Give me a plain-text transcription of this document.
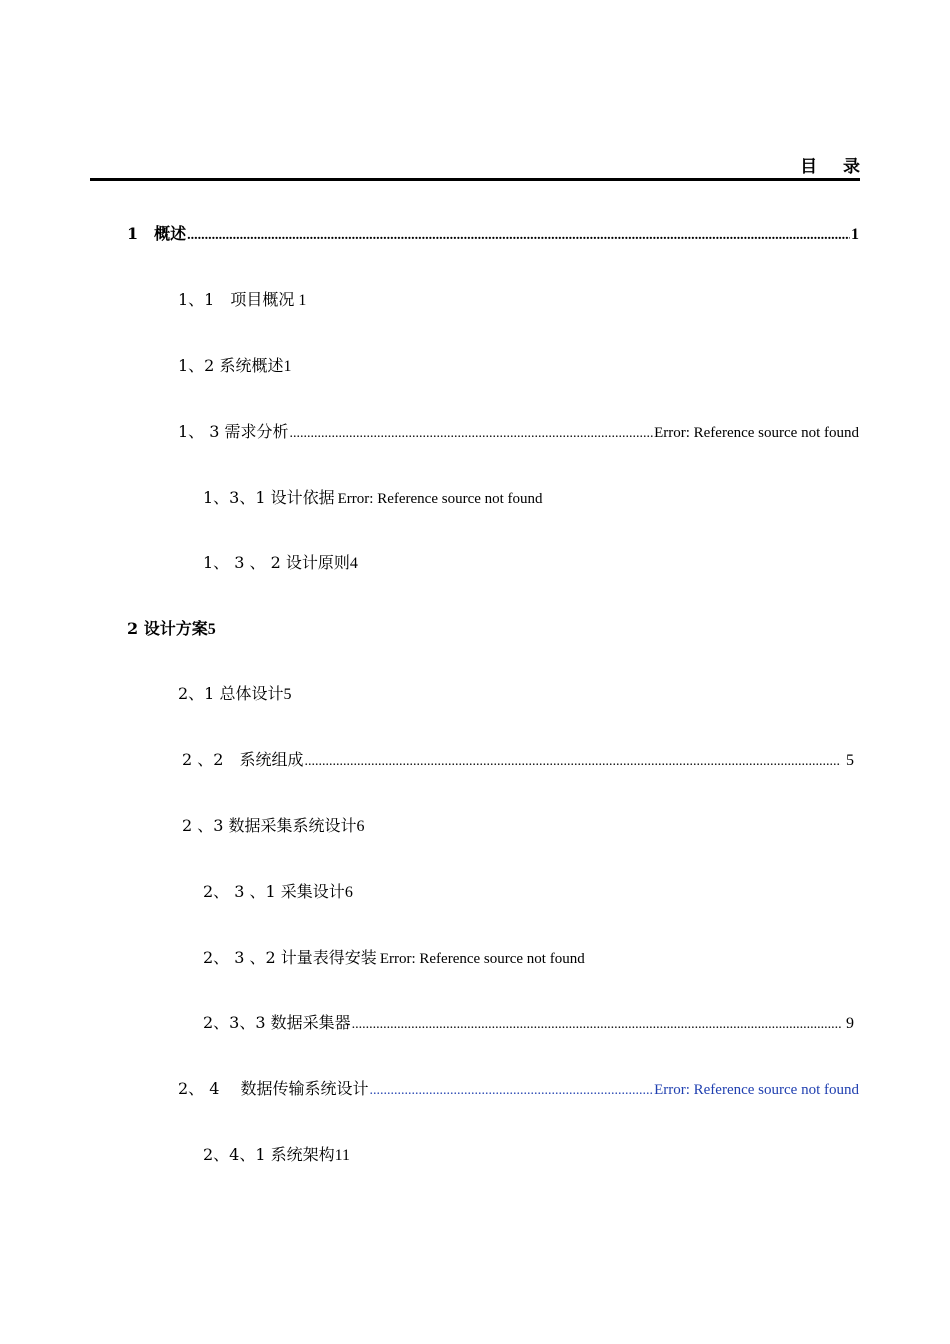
目 录
1　概述 .....	1
1、1　项目概况 1
1、2 系统概述 1
1、 3 需求分析 .....	Error: Reference source not found
1、3、1 设计依据 Error: Reference source not found
1、 3 、 2 设计原则 4
2 设计方案 5
2、1 总体设计 5
2 、2　系统组成 .....	5
2 、3 数据采集系统设计 6
2、 3 、1 采集设计 6
2、 3 、2 计量表得安装 Error: Reference source not found
2、3、3 数据采集器 .....	9
2、 4　 数据传输系统设计 .....	Error: Reference source not found
2、4、1 系统架构 11
